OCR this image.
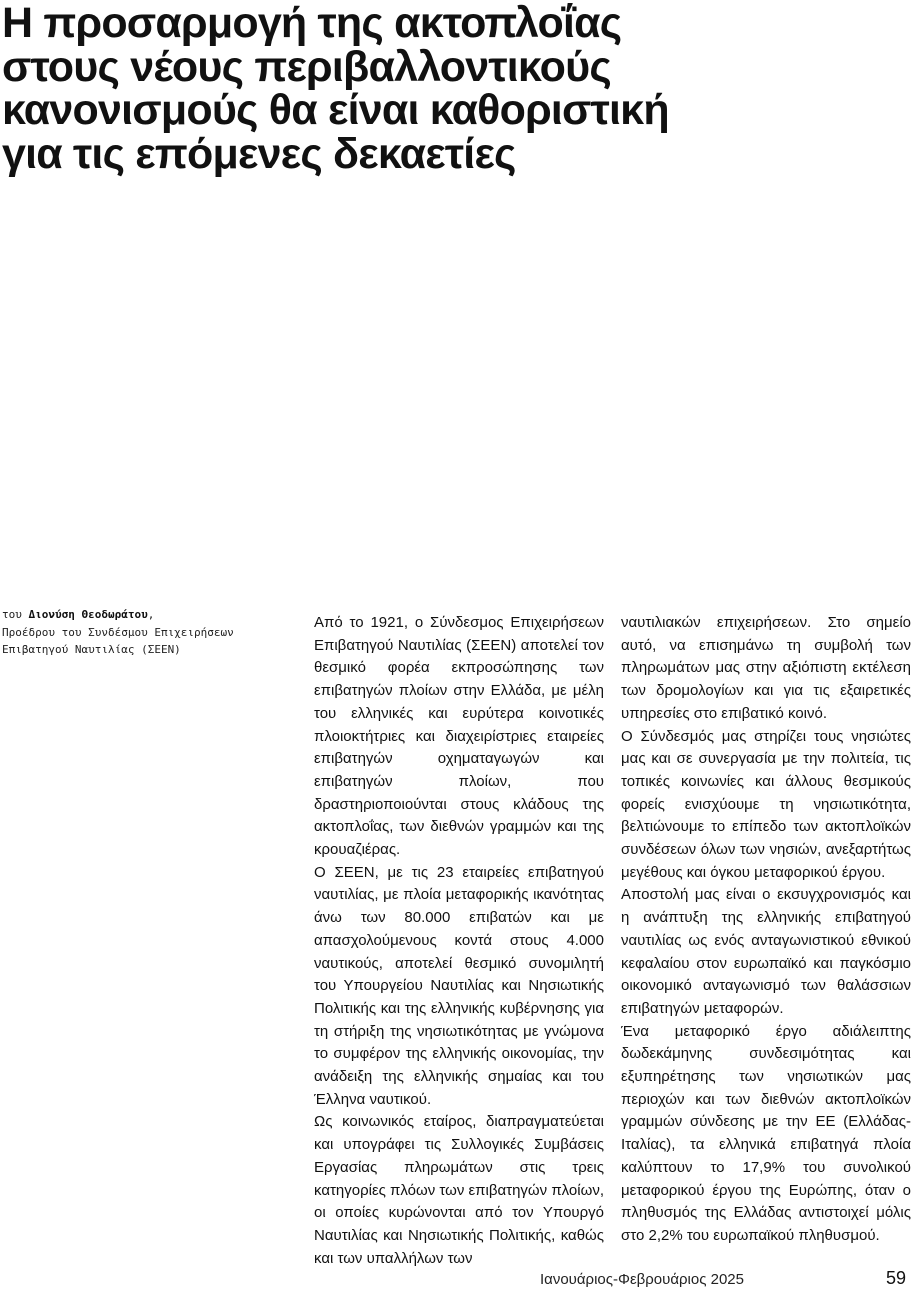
Η προσαρμογή της ακτοπλοΐας
στους νέους περιβαλλοντικούς
κανονισμούς θα είναι καθοριστική
για τις επόμενες δεκαετίες
του Διονύση Θεοδωράτου,
Προέδρου του Συνδέσμου Επιχειρήσεων
Επιβατηγού Ναυτιλίας (ΣΕΕΝ)

Από το 1921, ο Σύνδεσμος Επιχειρήσεων Επιβατηγού Ναυτιλίας (ΣΕΕΝ) αποτελεί τον θεσμικό φορέα εκπροσώπησης των επιβατηγών πλοίων στην Ελλάδα, με μέλη του ελληνικές και ευρύτερα κοινοτικές πλοιοκτήτριες και διαχειρίστριες εταιρείες επιβατηγών οχηματαγωγών και επιβατηγών πλοίων, που δραστηριοποιούνται στους κλάδους της ακτοπλοΐας, των διεθνών γραμμών και της κρουαζιέρας.

Ο ΣΕΕΝ, με τις 23 εταιρείες επιβατηγού ναυτιλίας, με πλοία μεταφορικής ικανότητας άνω των 80.000 επιβατών και με απασχολούμενους κοντά στους 4.000 ναυτικούς, αποτελεί θεσμικό συνομιλητή του Υπουργείου Ναυτιλίας και Νησιωτικής Πολιτικής και της ελληνικής κυβέρνησης για τη στήριξη της νησιωτικότητας με γνώμονα το συμφέρον της ελληνικής οικονομίας, την ανάδειξη της ελληνικής σημαίας και του Έλληνα ναυτικού.

Ως κοινωνικός εταίρος, διαπραγματεύεται και υπογράφει τις Συλλογικές Συμβάσεις Εργασίας πληρωμάτων στις τρεις κατηγορίες πλόων των επιβατηγών πλοίων, οι οποίες κυρώνονται από τον Υπουργό Ναυτιλίας και Νησιωτικής Πολιτικής, καθώς και των υπαλλήλων των

ναυτιλιακών επιχειρήσεων. Στο σημείο αυτό, να επισημάνω τη συμβολή των πληρωμάτων μας στην αξιόπιστη εκτέλεση των δρομολογίων και για τις εξαιρετικές υπηρεσίες στο επιβατικό κοινό.

Ο Σύνδεσμός μας στηρίζει τους νησιώτες μας και σε συνεργασία με την πολιτεία, τις τοπικές κοινωνίες και άλλους θεσμικούς φορείς ενισχύουμε τη νησιωτικότητα, βελτιώνουμε το επίπεδο των ακτοπλοϊκών συνδέσεων όλων των νησιών, ανεξαρτήτως μεγέθους και όγκου μεταφορικού έργου.

Αποστολή μας είναι ο εκσυγχρονισμός και η ανάπτυξη της ελληνικής επιβατηγού ναυτιλίας ως ενός ανταγωνιστικού εθνικού κεφαλαίου στον ευρωπαϊκό και παγκόσμιο οικονομικό ανταγωνισμό των θαλάσσιων επιβατηγών μεταφορών.

Ένα μεταφορικό έργο αδιάλειπτης δωδεκάμηνης συνδεσιμότητας και εξυπηρέτησης των νησιωτικών μας περιοχών και των διεθνών ακτοπλοϊκών γραμμών σύνδεσης με την ΕΕ (Ελλάδας-Ιταλίας), τα ελληνικά επιβατηγά πλοία καλύπτουν το 17,9% του συνολικού μεταφορικού έργου της Ευρώπης, όταν ο πληθυσμός της Ελλάδας αντιστοιχεί μόλις στο 2,2% του ευρωπαϊκού πληθυσμού.

Ιανουάριος-Φεβρουάριος 2025	59
